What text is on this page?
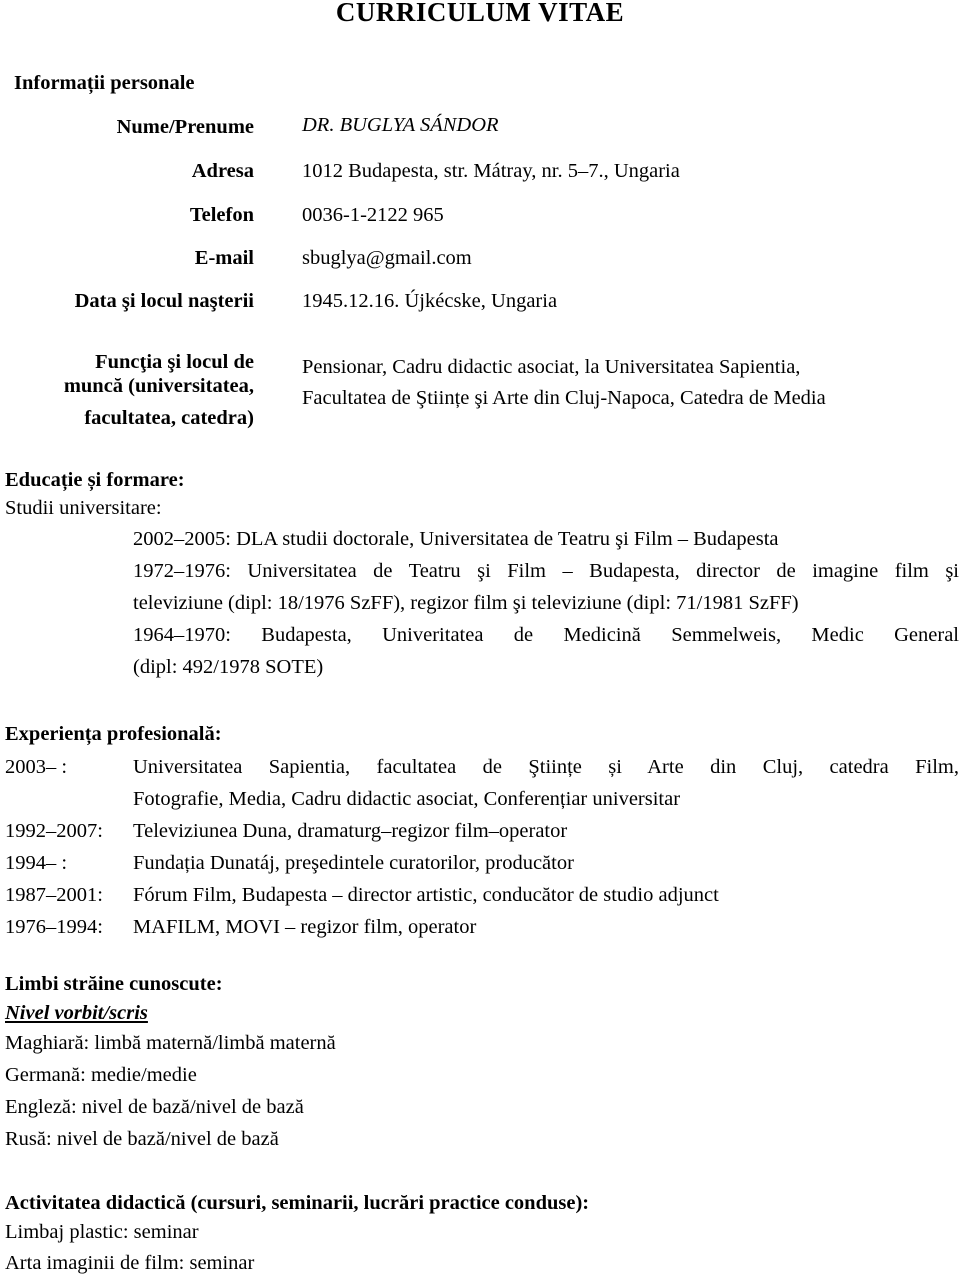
CURRICULUM VITAE
Informații personale
Nume/Prenume DR. BUGLYA SÁNDOR
Adresa 1012 Budapesta, str. Mátray, nr. 5–7., Ungaria
Telefon 0036-1-2122 965
E-mail sbuglya@gmail.com
Data şi locul naşterii 1945.12.16. Újkécske, Ungaria
Funcţia şi locul de
muncă (universitatea,
facultatea, catedra)
Pensionar, Cadru didactic asociat, la Universitatea Sapientia,
Facultatea de Ştiințe şi Arte din Cluj-Napoca, Catedra de Media
Educație și formare:
Studii universitare:
2002–2005: DLA studii doctorale, Universitatea de Teatru şi Film – Budapesta
1972–1976: Universitatea de Teatru şi Film – Budapesta, director de imagine film şi
televiziune (dipl: 18/1976 SzFF), regizor film şi televiziune (dipl: 71/1981 SzFF)
1964–1970: Budapesta, Univeritatea de Medicină Semmelweis, Medic General
(dipl: 492/1978 SOTE)
Experiența profesională:
2003– :	Universitatea Sapientia, facultatea de Ştiințe și Arte din Cluj, catedra Film,
Fotografie, Media, Cadru didactic asociat, Conferențiar universitar
1992–2007: Televiziunea Duna, dramaturg–regizor film–operator
1994– :	Fundația Dunatáj, preşedintele curatorilor, producător
1987–2001: Fórum Film, Budapesta – director artistic, conducător de studio adjunct
1976–1994: MAFILM, MOVI – regizor film, operator
Limbi străine cunoscute:
Nivel vorbit/scris
Maghiară: limbă maternă/limbă maternă
Germană: medie/medie
Engleză: nivel de bază/nivel de bază
Rusă: nivel de bază/nivel de bază
Activitatea didactică (cursuri, seminarii, lucrări practice conduse):
Limbaj plastic: seminar
Arta imaginii de film: seminar
